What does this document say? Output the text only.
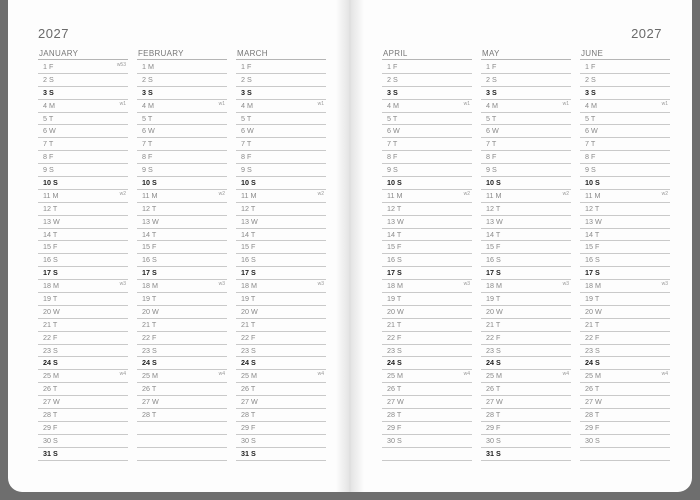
2027	2027
JANUARY
1 F	w53
2 S
3 S
4 M	w1
5 T
6 W
7 T
8 F
9 S
10 S
11 M	w2
12 T
13 W
14 T
15 F
16 S
17 S
18 M	w3
19 T
20 W
21 T
22 F
23 S
24 S
25 M	w4
26 T
27 W
28 T
29 F
30 S
31 S
FEBRUARY
1 M
2 S
3 S
4 M	w1
5 T
6 W
7 T
8 F
9 S
10 S
11 M	w2
12 T
13 W
14 T
15 F
16 S
17 S
18 M	w3
19 T
20 W
21 T
22 F
23 S
24 S
25 M	w4
26 T
27 W
28 T
MARCH
1 F
2 S
3 S
4 M	w1
5 T
6 W
7 T
8 F
9 S
10 S
11 M	w2
12 T
13 W
14 T
15 F
16 S
17 S
18 M	w3
19 T
20 W
21 T
22 F
23 S
24 S
25 M	w4
26 T
27 W
28 T
29 F
30 S
31 S
APRIL
1 F
2 S
3 S
4 M	w1
5 T
6 W
7 T
8 F
9 S
10 S
11 M	w2
12 T
13 W
14 T
15 F
16 S
17 S
18 M	w3
19 T
20 W
21 T
22 F
23 S
24 S
25 M	w4
26 T
27 W
28 T
29 F
30 S
MAY
1 F
2 S
3 S
4 M	w1
5 T
6 W
7 T
8 F
9 S
10 S
11 M	w2
12 T
13 W
14 T
15 F
16 S
17 S
18 M	w3
19 T
20 W
21 T
22 F
23 S
24 S
25 M	w4
26 T
27 W
28 T
29 F
30 S
31 S
JUNE
1 F
2 S
3 S
4 M	w1
5 T
6 W
7 T
8 F
9 S
10 S
11 M	w2
12 T
13 W
14 T
15 F
16 S
17 S
18 M	w3
19 T
20 W
21 T
22 F
23 S
24 S
25 M	w4
26 T
27 W
28 T
29 F
30 S
